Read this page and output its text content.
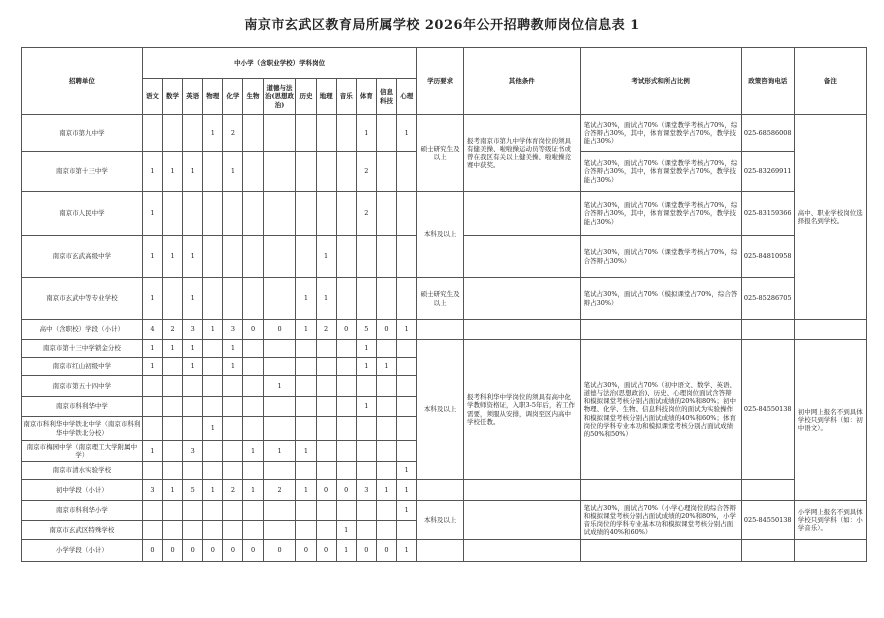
南京市玄武区教育局所属学校 2026年公开招聘教师岗位信息表 1
招聘单位	中小学（含职业学校）学科岗位													学历要求	其他条件	考试形式和所占比例	政策咨询电话	备注
	语文	数学	英语	物理	化学	生物	道德与法治(思想政治)	历史	地理	音乐	体育	信息科技	心理					
南京市第九中学				1	2						1		1	硕士研究生及以上	报考南京市第九中学体育岗位的须具有健美操、啦啦操运动员等级证书或曾在我区有关以上健美操、啦啦操竞赛中获奖。	笔试占30%，面试占70%（课堂教学考核占70%，综合答辩占30%，其中，体育课堂教学占70%，教学技能占30%）	025-68586008	高中、职业学校岗位选择报名到学校。
南京市第十三中学	1	1	1		1						2					笔试占30%，面试占70%（课堂教学考核占70%，综合答辩占30%，其中，体育课堂教学占70%，教学技能占30%）	025-83269911	
南京市人民中学	1										2			本科及以上		笔试占30%，面试占70%（课堂教学考核占70%，综合答辩占30%，其中，体育课堂教学占70%，教学技能占30%）	025-83159366	
南京市玄武高级中学	1	1	1						1							笔试占30%，面试占70%（课堂教学考核占70%，综合答辩占30%）	025-84810958	
南京市玄武中等专业学校	1		1					1	1					硕士研究生及以上		笔试占30%，面试占70%（模拟课堂占70%，综合答辩占30%）	025-85286705	
高中（含职校）学段（小计）	4	2	3	1	3	0	0	1	2	0	5	0	1					
南京市第十三中学锁金分校	1	1	1		1						1			本科及以上	报考科利华中学岗位的须具有高中化学教师资格证，入职3-5年后，若工作需要，须服从安排，调岗至区内高中学校任教。	笔试占30%，面试占70%（初中语文、数学、英语、道德与法治(思想政治)、历史、心理岗位面试含答辩和模拟课堂考核分别占面试成绩的20%和80%；初中物理、化学、生物、信息科技岗位的面试为实验操作和模拟课堂考核分别占面试成绩的40%和60%；体育岗位的学科专业本功和模拟课堂考核分别占面试成绩的50%和50%）	025-84550138	初中网上报名不到具体学校只到学科（如：初中语文）。
南京市红山初级中学	1		1		1						1	1						
南京市第五十四中学							1											
南京市科利华中学											1							
南京市科利华中学铁北中学（南京市科利华中学铁北分校）				1														
南京市梅园中学（南京理工大学附属中学）	1		3			1	1	1										
南京市清水实验学校													1					
初中学段（小计）	3	1	5	1	2	1	2	1	0	0	3	1	1					
南京市科利华小学													1	本科及以上		笔试占30%，面试占70%（小学心理岗位的综合答辩和模拟课堂考核分别占面试成绩的20%和80%，小学音乐岗位的学科专业基本功和模拟课堂考核分别占面试成绩的40%和60%）	025-84550138	小学网上报名不到具体学校只到学科（如：小学音乐）。
南京市玄武区特殊学校										1								
小学学段（小计）	0	0	0	0	0	0	0	0	0	1	0	0	1					
